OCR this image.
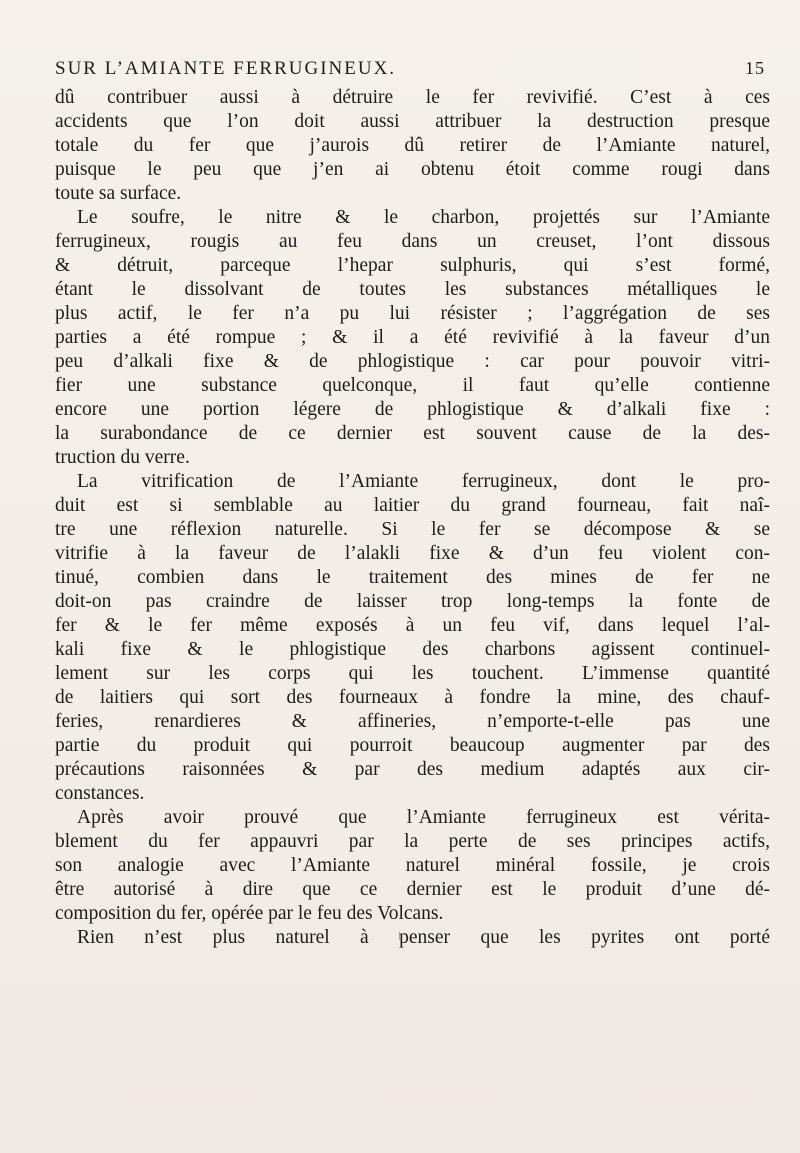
SUR L’AMIANTE FERRUGINEUX.	15
dû contribuer aussi à détruire le fer revivifié. C’est à ces
accidents que l’on doit aussi attribuer la destruction presque
totale du fer que j’aurois dû retirer de l’Amiante naturel,
puisque le peu que j’en ai obtenu étoit comme rougi dans
toute sa surface.
Le soufre, le nitre & le charbon, projettés sur l’Amiante
ferrugineux, rougis au feu dans un creuset, l’ont dissous
& détruit, parceque l’hepar sulphuris, qui s’est formé,
étant le dissolvant de toutes les substances métalliques le
plus actif, le fer n’a pu lui résister ; l’aggrégation de ses
parties a été rompue ; & il a été revivifié à la faveur d’un
peu d’alkali fixe & de phlogistique : car pour pouvoir vitri-
fier une substance quelconque, il faut qu’elle contienne
encore une portion légere de phlogistique & d’alkali fixe :
la surabondance de ce dernier est souvent cause de la des-
truction du verre.
La vitrification de l’Amiante ferrugineux, dont le pro-
duit est si semblable au laitier du grand fourneau, fait naî-
tre une réflexion naturelle. Si le fer se décompose & se
vitrifie à la faveur de l’alakli fixe & d’un feu violent con-
tinué, combien dans le traitement des mines de fer ne
doit-on pas craindre de laisser trop long-temps la fonte de
fer & le fer même exposés à un feu vif, dans lequel l’al-
kali fixe & le phlogistique des charbons agissent continuel-
lement sur les corps qui les touchent. L’immense quantité
de laitiers qui sort des fourneaux à fondre la mine, des chauf-
feries, renardieres & affineries, n’emporte-t-elle pas une
partie du produit qui pourroit beaucoup augmenter par des
précautions raisonnées & par des medium adaptés aux cir-
constances.
Après avoir prouvé que l’Amiante ferrugineux est vérita-
blement du fer appauvri par la perte de ses principes actifs,
son analogie avec l’Amiante naturel minéral fossile, je crois
être autorisé à dire que ce dernier est le produit d’une dé-
composition du fer, opérée par le feu des Volcans.
Rien n’est plus naturel à penser que les pyrites ont porté
